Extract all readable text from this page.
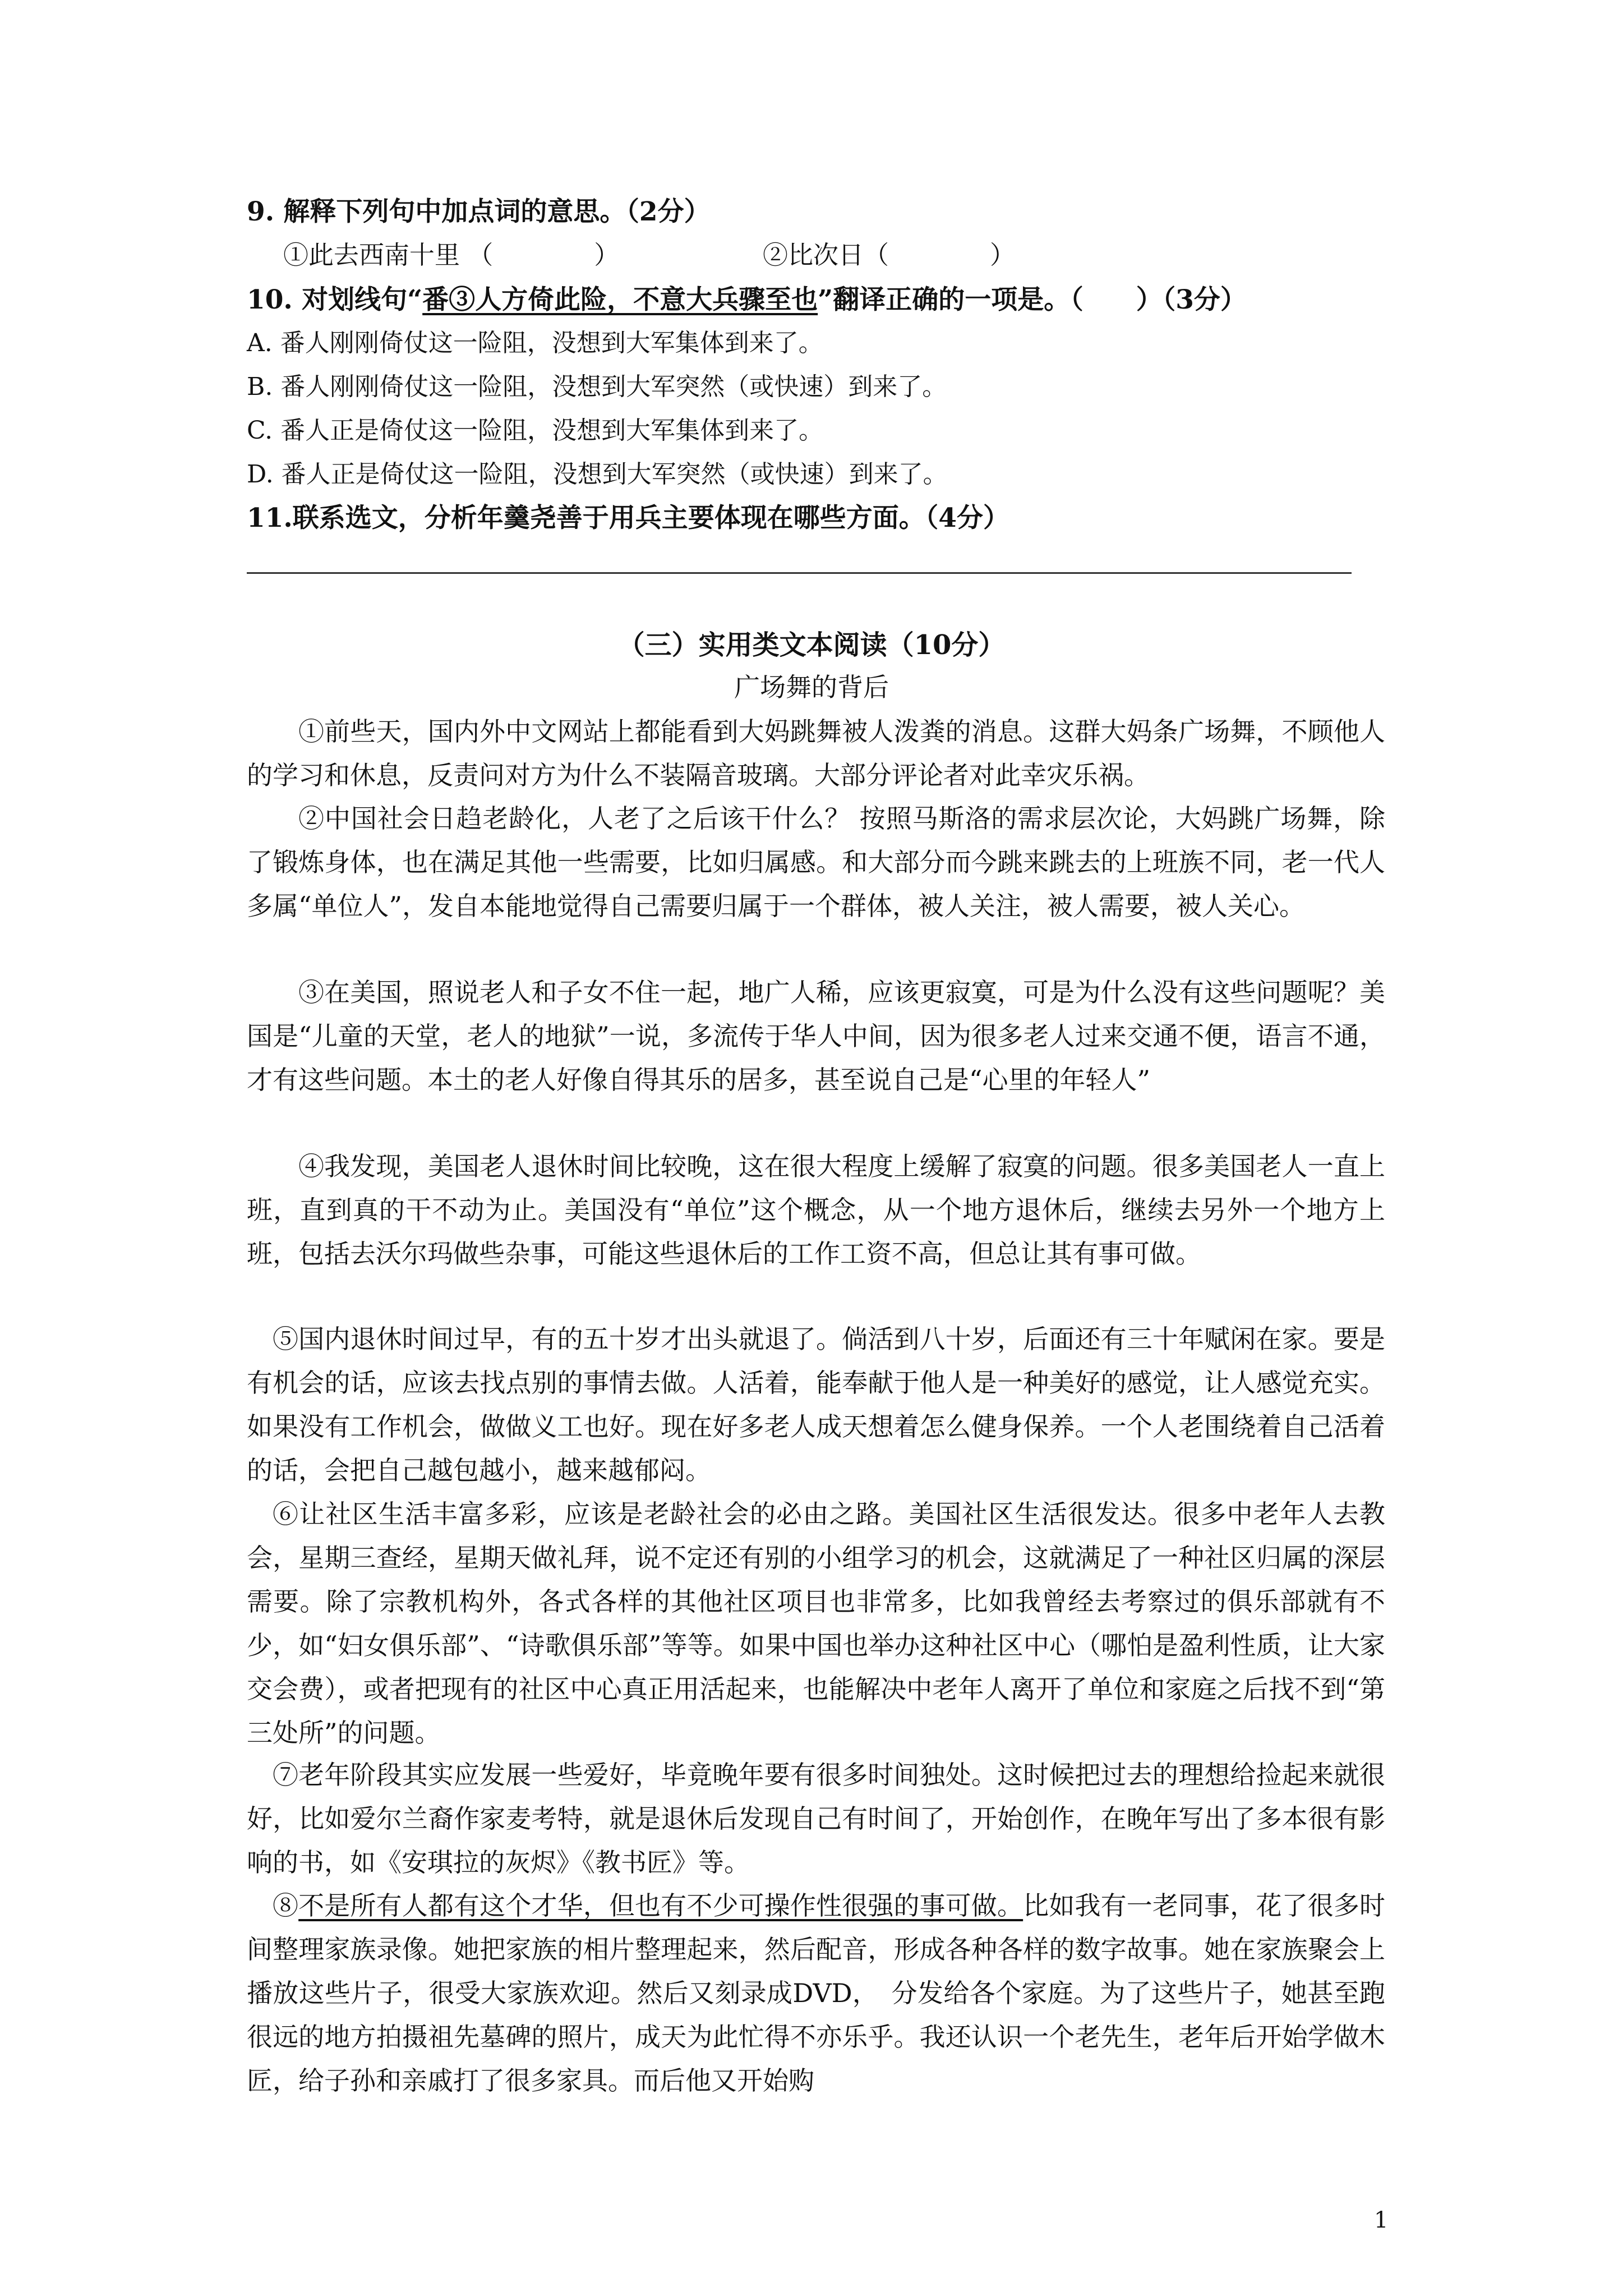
9. 解释下列句中加点词的意思。（2分）
①此去西南十里 （　　　　）	②比次日（　　　　）
10. 对划线句“番③人方倚此险，不意大兵骤至也”翻译正确的一项是。（　　）（3分）
A. 番人刚刚倚仗这一险阻，没想到大军集体到来了。
B. 番人刚刚倚仗这一险阻，没想到大军突然（或快速）到来了。
C. 番人正是倚仗这一险阻，没想到大军集体到来了。
D. 番人正是倚仗这一险阻，没想到大军突然（或快速）到来了。
11.联系选文，分析年羹尧善于用兵主要体现在哪些方面。（4分）
（三）实用类文本阅读（10分）
广场舞的背后
①前些天，国内外中文网站上都能看到大妈跳舞被人泼粪的消息。这群大妈条广场舞，不顾他人的学习和休息，反责问对方为什么不装隔音玻璃。大部分评论者对此幸灾乐祸。
②中国社会日趋老龄化，人老了之后该干什么？ 按照马斯洛的需求层次论，大妈跳广场舞，除了锻炼身体，也在满足其他一些需要，比如归属感。和大部分而今跳来跳去的上班族不同，老一代人多属“单位人”，发自本能地觉得自己需要归属于一个群体，被人关注，被人需要，被人关心。
③在美国，照说老人和子女不住一起，地广人稀，应该更寂寞，可是为什么没有这些问题呢？美国是“儿童的天堂，老人的地狱”一说，多流传于华人中间，因为很多老人过来交通不便，语言不通，才有这些问题。本土的老人好像自得其乐的居多，甚至说自己是“心里的年轻人”
④我发现，美国老人退休时间比较晚，这在很大程度上缓解了寂寞的问题。很多美国老人一直上班，直到真的干不动为止。美国没有“单位”这个概念，从一个地方退休后，继续去另外一个地方上班，包括去沃尔玛做些杂事，可能这些退休后的工作工资不高，但总让其有事可做。
⑤国内退休时间过早，有的五十岁才出头就退了。倘活到八十岁，后面还有三十年赋闲在家。要是有机会的话，应该去找点别的事情去做。人活着，能奉献于他人是一种美好的感觉，让人感觉充实。如果没有工作机会，做做义工也好。现在好多老人成天想着怎么健身保养。一个人老围绕着自己活着的话，会把自己越包越小，越来越郁闷。
⑥让社区生活丰富多彩，应该是老龄社会的必由之路。美国社区生活很发达。很多中老年人去教会，星期三查经，星期天做礼拜，说不定还有别的小组学习的机会，这就满足了一种社区归属的深层需要。除了宗教机构外，各式各样的其他社区项目也非常多，比如我曾经去考察过的俱乐部就有不少，如“妇女俱乐部”、“诗歌俱乐部”等等。如果中国也举办这种社区中心（哪怕是盈利性质，让大家交会费），或者把现有的社区中心真正用活起来，也能解决中老年人离开了单位和家庭之后找不到“第三处所”的问题。
⑦老年阶段其实应发展一些爱好，毕竟晚年要有很多时间独处。这时候把过去的理想给捡起来就很好，比如爱尔兰裔作家麦考特，就是退休后发现自己有时间了，开始创作，在晚年写出了多本很有影响的书，如《安琪拉的灰烬》《教书匠》等。
⑧不是所有人都有这个才华，但也有不少可操作性很强的事可做。比如我有一老同事，花了很多时间整理家族录像。她把家族的相片整理起来，然后配音，形成各种各样的数字故事。她在家族聚会上播放这些片子，很受大家族欢迎。然后又刻录成DVD，　分发给各个家庭。为了这些片子，她甚至跑很远的地方拍摄祖先墓碑的照片，成天为此忙得不亦乐乎。我还认识一个老先生，老年后开始学做木匠，给子孙和亲戚打了很多家具。而后他又开始购
1
